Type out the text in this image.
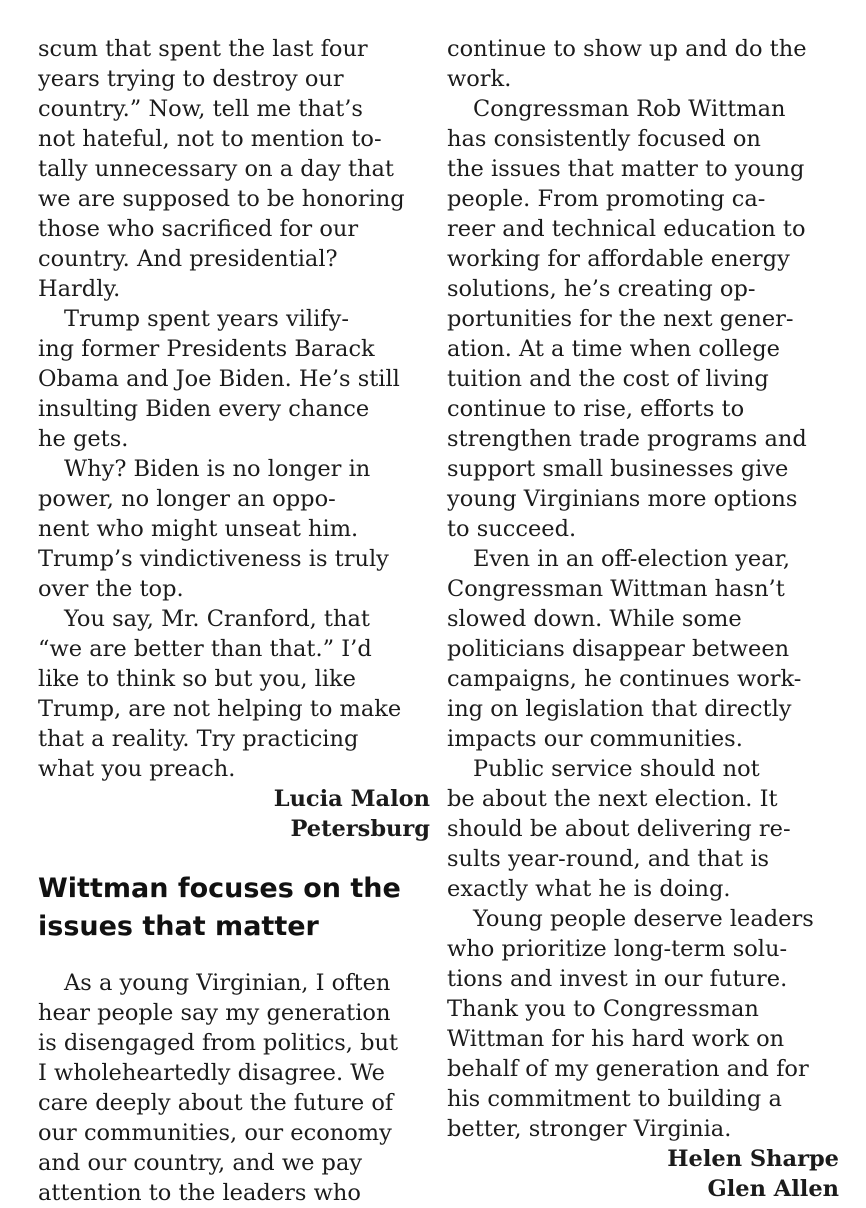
scum that spent the last four
years trying to destroy our
country.” Now, tell me that’s
not hateful, not to mention to-
tally unnecessary on a day that
we are supposed to be honoring
those who sacrificed for our
country. And presidential?
Hardly.
Trump spent years vilify-
ing former Presidents Barack
Obama and Joe Biden. He’s still
insulting Biden every chance
he gets.
Why? Biden is no longer in
power, no longer an oppo-
nent who might unseat him.
Trump’s vindictiveness is truly
over the top.
You say, Mr. Cranford, that
“we are better than that.” I’d
like to think so but you, like
Trump, are not helping to make
that a reality. Try practicing
what you preach.
Lucia Malon
Petersburg
Wittman focuses on the
issues that matter
As a young Virginian, I often
hear people say my generation
is disengaged from politics, but
I wholeheartedly disagree. We
care deeply about the future of
our communities, our economy
and our country, and we pay
attention to the leaders who
continue to show up and do the
work.
Congressman Rob Wittman
has consistently focused on
the issues that matter to young
people. From promoting ca-
reer and technical education to
working for affordable energy
solutions, he’s creating op-
portunities for the next gener-
ation. At a time when college
tuition and the cost of living
continue to rise, efforts to
strengthen trade programs and
support small businesses give
young Virginians more options
to succeed.
Even in an off-election year,
Congressman Wittman hasn’t
slowed down. While some
politicians disappear between
campaigns, he continues work-
ing on legislation that directly
impacts our communities.
Public service should not
be about the next election. It
should be about delivering re-
sults year-round, and that is
exactly what he is doing.
Young people deserve leaders
who prioritize long-term solu-
tions and invest in our future.
Thank you to Congressman
Wittman for his hard work on
behalf of my generation and for
his commitment to building a
better, stronger Virginia.
Helen Sharpe
Glen Allen
